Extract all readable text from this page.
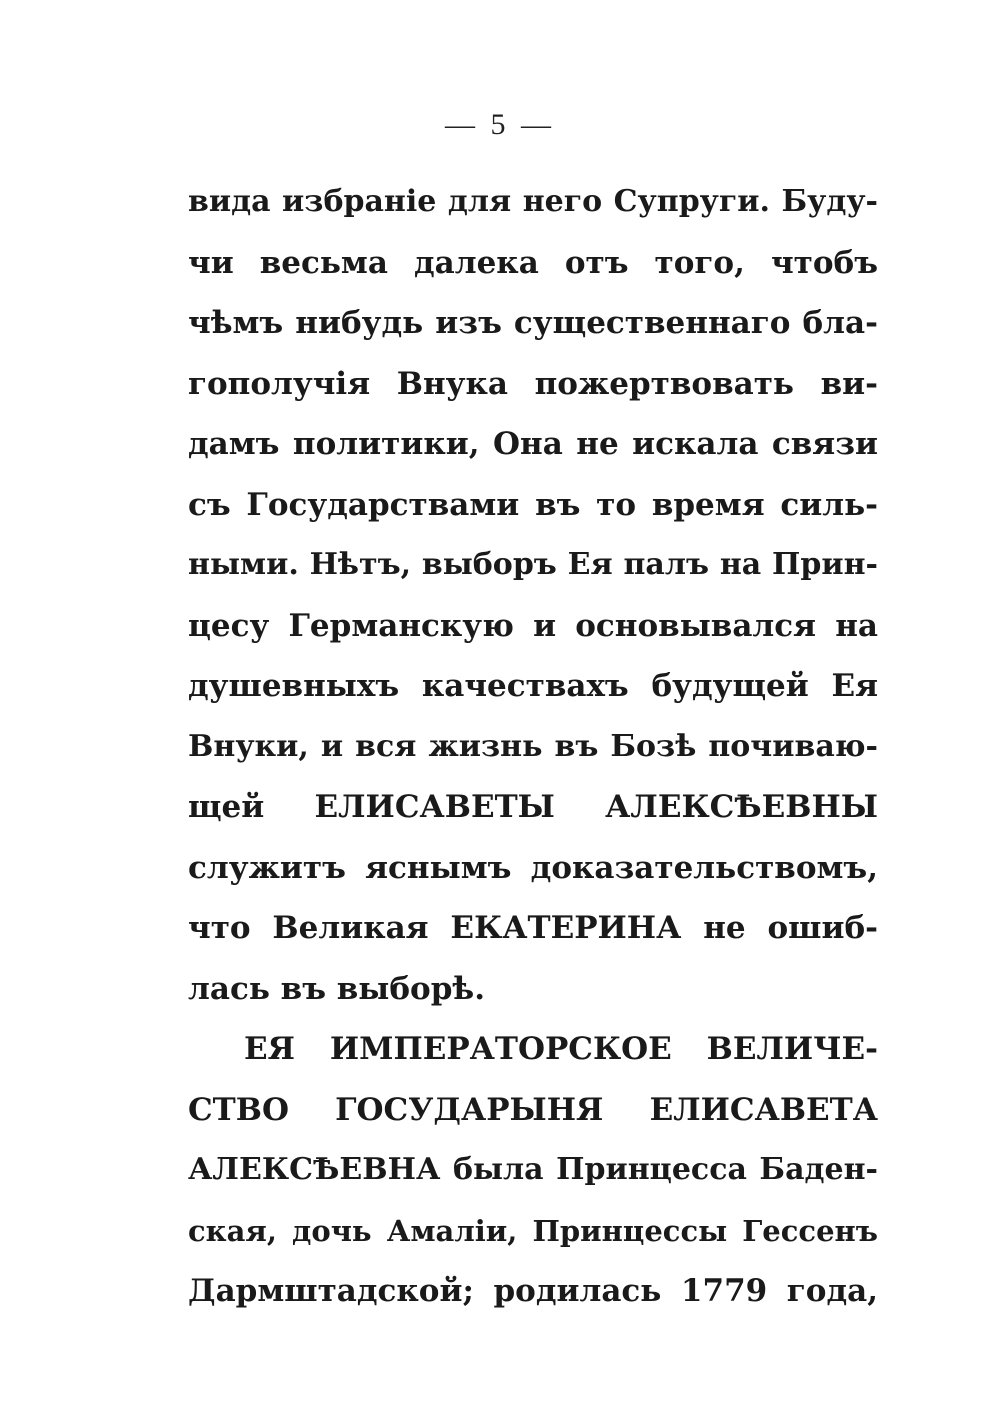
— 5 —
вида избраніе для него Супруги. Буду-
чи весьма далека отъ того, чтобъ
чѣмъ нибудь изъ существеннаго бла-
гополучія Внука пожертвовать ви-
дамъ политики, Она не искала связи
съ Государствами въ то время силь-
ными. Нѣтъ, выборъ Ея палъ на Прин-
цесу Германскую и основывался на
душевныхъ качествахъ будущей Ея
Внуки, и вся жизнь въ Бозѣ почиваю-
щей ЕЛИСАВЕТЫ АЛЕКСѢЕВНЫ
служитъ яснымъ доказательствомъ,
что Великая ЕКАТЕРИНА не ошиб-
лась въ выборѣ.
ЕЯ ИМПЕРАТОРСКОЕ ВЕЛИЧЕ-
СТВО ГОСУДАРЫНЯ ЕЛИСАВЕТА
АЛЕКСѢЕВНА была Принцесса Баден-
ская, дочь Амаліи, Принцессы Гессенъ
Дармштадской; родилась 1779 года,
